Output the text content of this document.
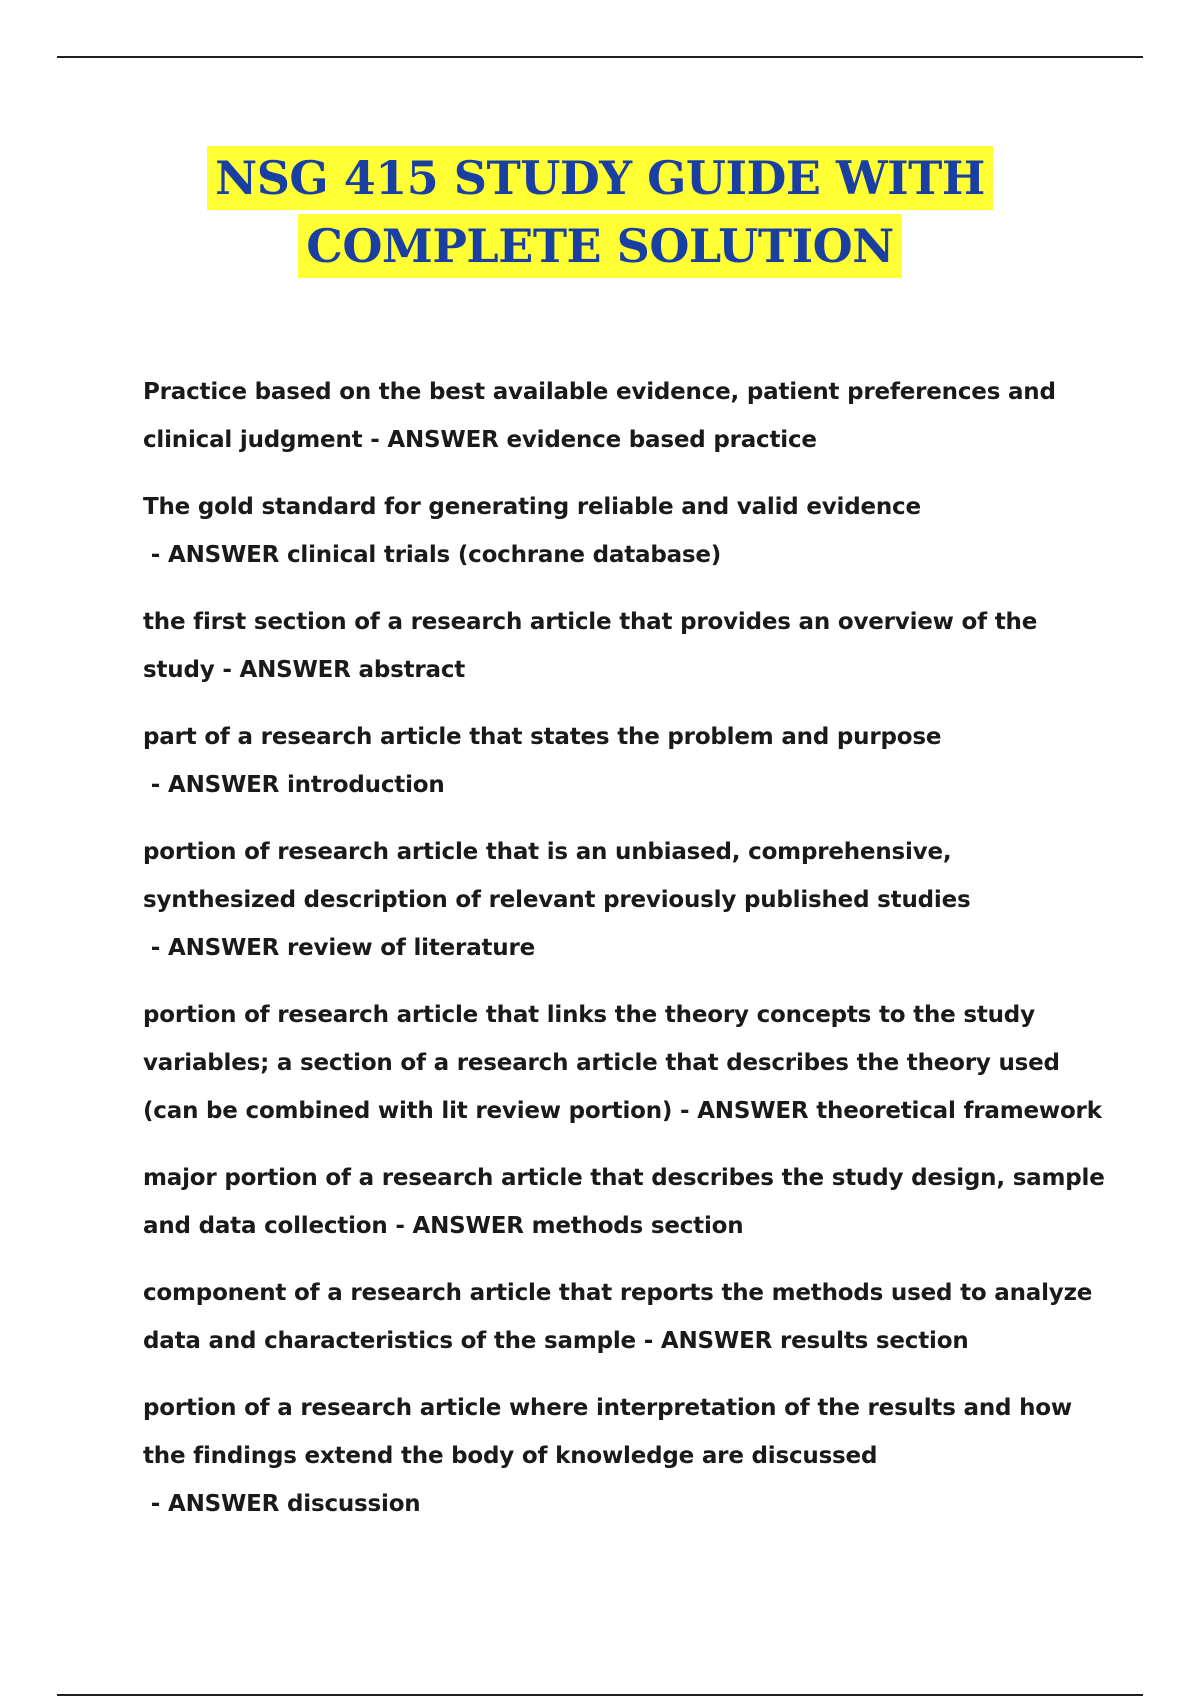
NSG 415 STUDY GUIDE WITH
COMPLETE SOLUTION

Practice based on the best available evidence, patient preferences and clinical judgment - ANSWER evidence based practice

The gold standard for generating reliable and valid evidence - ANSWER clinical trials (cochrane database)

the first section of a research article that provides an overview of the study - ANSWER abstract

part of a research article that states the problem and purpose - ANSWER introduction

portion of research article that is an unbiased, comprehensive, synthesized description of relevant previously published studies - ANSWER review of literature

portion of research article that links the theory concepts to the study variables; a section of a research article that describes the theory used (can be combined with lit review portion) - ANSWER theoretical framework

major portion of a research article that describes the study design, sample and data collection - ANSWER methods section

component of a research article that reports the methods used to analyze data and characteristics of the sample - ANSWER results section

portion of a research article where interpretation of the results and how the findings extend the body of knowledge are discussed - ANSWER discussion
